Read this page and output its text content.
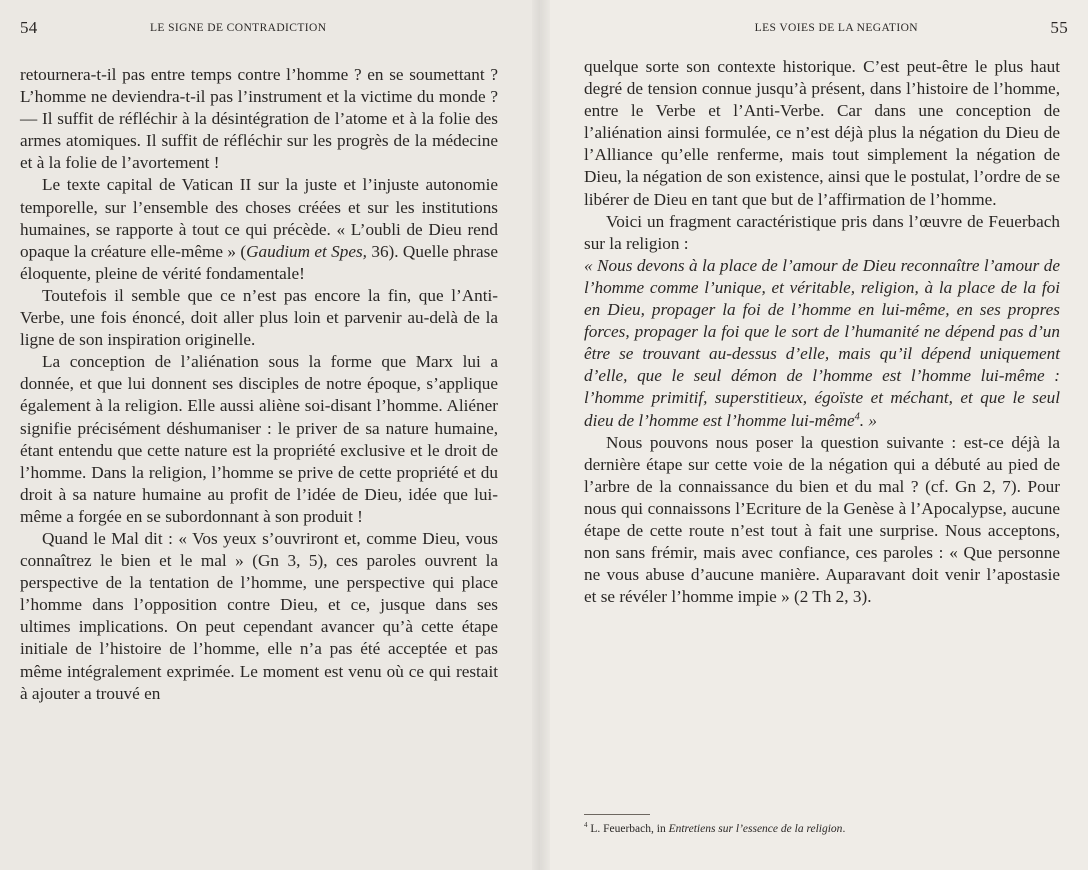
54	LE SIGNE DE CONTRADICTION

retournera-t-il pas entre temps contre l’homme ? en se soumettant ? L’homme ne deviendra-t-il pas l’instrument et la victime du monde ? — Il suffit de réfléchir à la désintégration de l’atome et à la folie des armes atomiques. Il suffit de réfléchir sur les progrès de la médecine et à la folie de l’avortement !

Le texte capital de Vatican II sur la juste et l’injuste autonomie temporelle, sur l’ensemble des choses créées et sur les institutions humaines, se rapporte à tout ce qui précède. « L’oubli de Dieu rend opaque la créature elle-même » (Gaudium et Spes, 36). Quelle phrase éloquente, pleine de vérité fondamentale!

Toutefois il semble que ce n’est pas encore la fin, que l’Anti-Verbe, une fois énoncé, doit aller plus loin et parvenir au-delà de la ligne de son inspiration originelle.

La conception de l’aliénation sous la forme que Marx lui a donnée, et que lui donnent ses disciples de notre époque, s’applique également à la religion. Elle aussi aliène soi-disant l’homme. Aliéner signifie précisément déshumaniser : le priver de sa nature humaine, étant entendu que cette nature est la propriété exclusive et le droit de l’homme. Dans la religion, l’homme se prive de cette propriété et du droit à sa nature humaine au profit de l’idée de Dieu, idée que lui-même a forgée en se subordonnant à son produit !

Quand le Mal dit : « Vos yeux s’ouvriront et, comme Dieu, vous connaîtrez le bien et le mal » (Gn 3, 5), ces paroles ouvrent la perspective de la tentation de l’homme, une perspective qui place l’homme dans l’opposition contre Dieu, et ce, jusque dans ses ultimes implications. On peut cependant avancer qu’à cette étape initiale de l’histoire de l’homme, elle n’a pas été acceptée et pas même intégralement exprimée. Le moment est venu où ce qui restait à ajouter a trouvé en

LES VOIES DE LA NEGATION	55

quelque sorte son contexte historique. C’est peut-être le plus haut degré de tension connue jusqu’à présent, dans l’histoire de l’homme, entre le Verbe et l’Anti-Verbe. Car dans une conception de l’aliénation ainsi formulée, ce n’est déjà plus la négation du Dieu de l’Alliance qu’elle renferme, mais tout simplement la négation de Dieu, la négation de son existence, ainsi que le postulat, l’ordre de se libérer de Dieu en tant que but de l’affirmation de l’homme.

Voici un fragment caractéristique pris dans l’œuvre de Feuerbach sur la religion :

« Nous devons à la place de l’amour de Dieu reconnaître l’amour de l’homme comme l’unique, et véritable, religion, à la place de la foi en Dieu, propager la foi de l’homme en lui-même, en ses propres forces, propager la foi que le sort de l’humanité ne dépend pas d’un être se trouvant au-dessus d’elle, mais qu’il dépend uniquement d’elle, que le seul démon de l’homme est l’homme lui-même : l’homme primitif, superstitieux, égoïste et méchant, et que le seul dieu de l’homme est l’homme lui-même$^4$. »

Nous pouvons nous poser la question suivante : est-ce déjà la dernière étape sur cette voie de la négation qui a débuté au pied de l’arbre de la connaissance du bien et du mal ? (cf. Gn 2, 7). Pour nous qui connaissons l’Ecriture de la Genèse à l’Apocalypse, aucune étape de cette route n’est tout à fait une surprise. Nous acceptons, non sans frémir, mais avec confiance, ces paroles : « Que personne ne vous abuse d’aucune manière. Auparavant doit venir l’apostasie et se révéler l’homme impie » (2 Th 2, 3).

$^4$ L. Feuerbach, in Entretiens sur l’essence de la religion.
